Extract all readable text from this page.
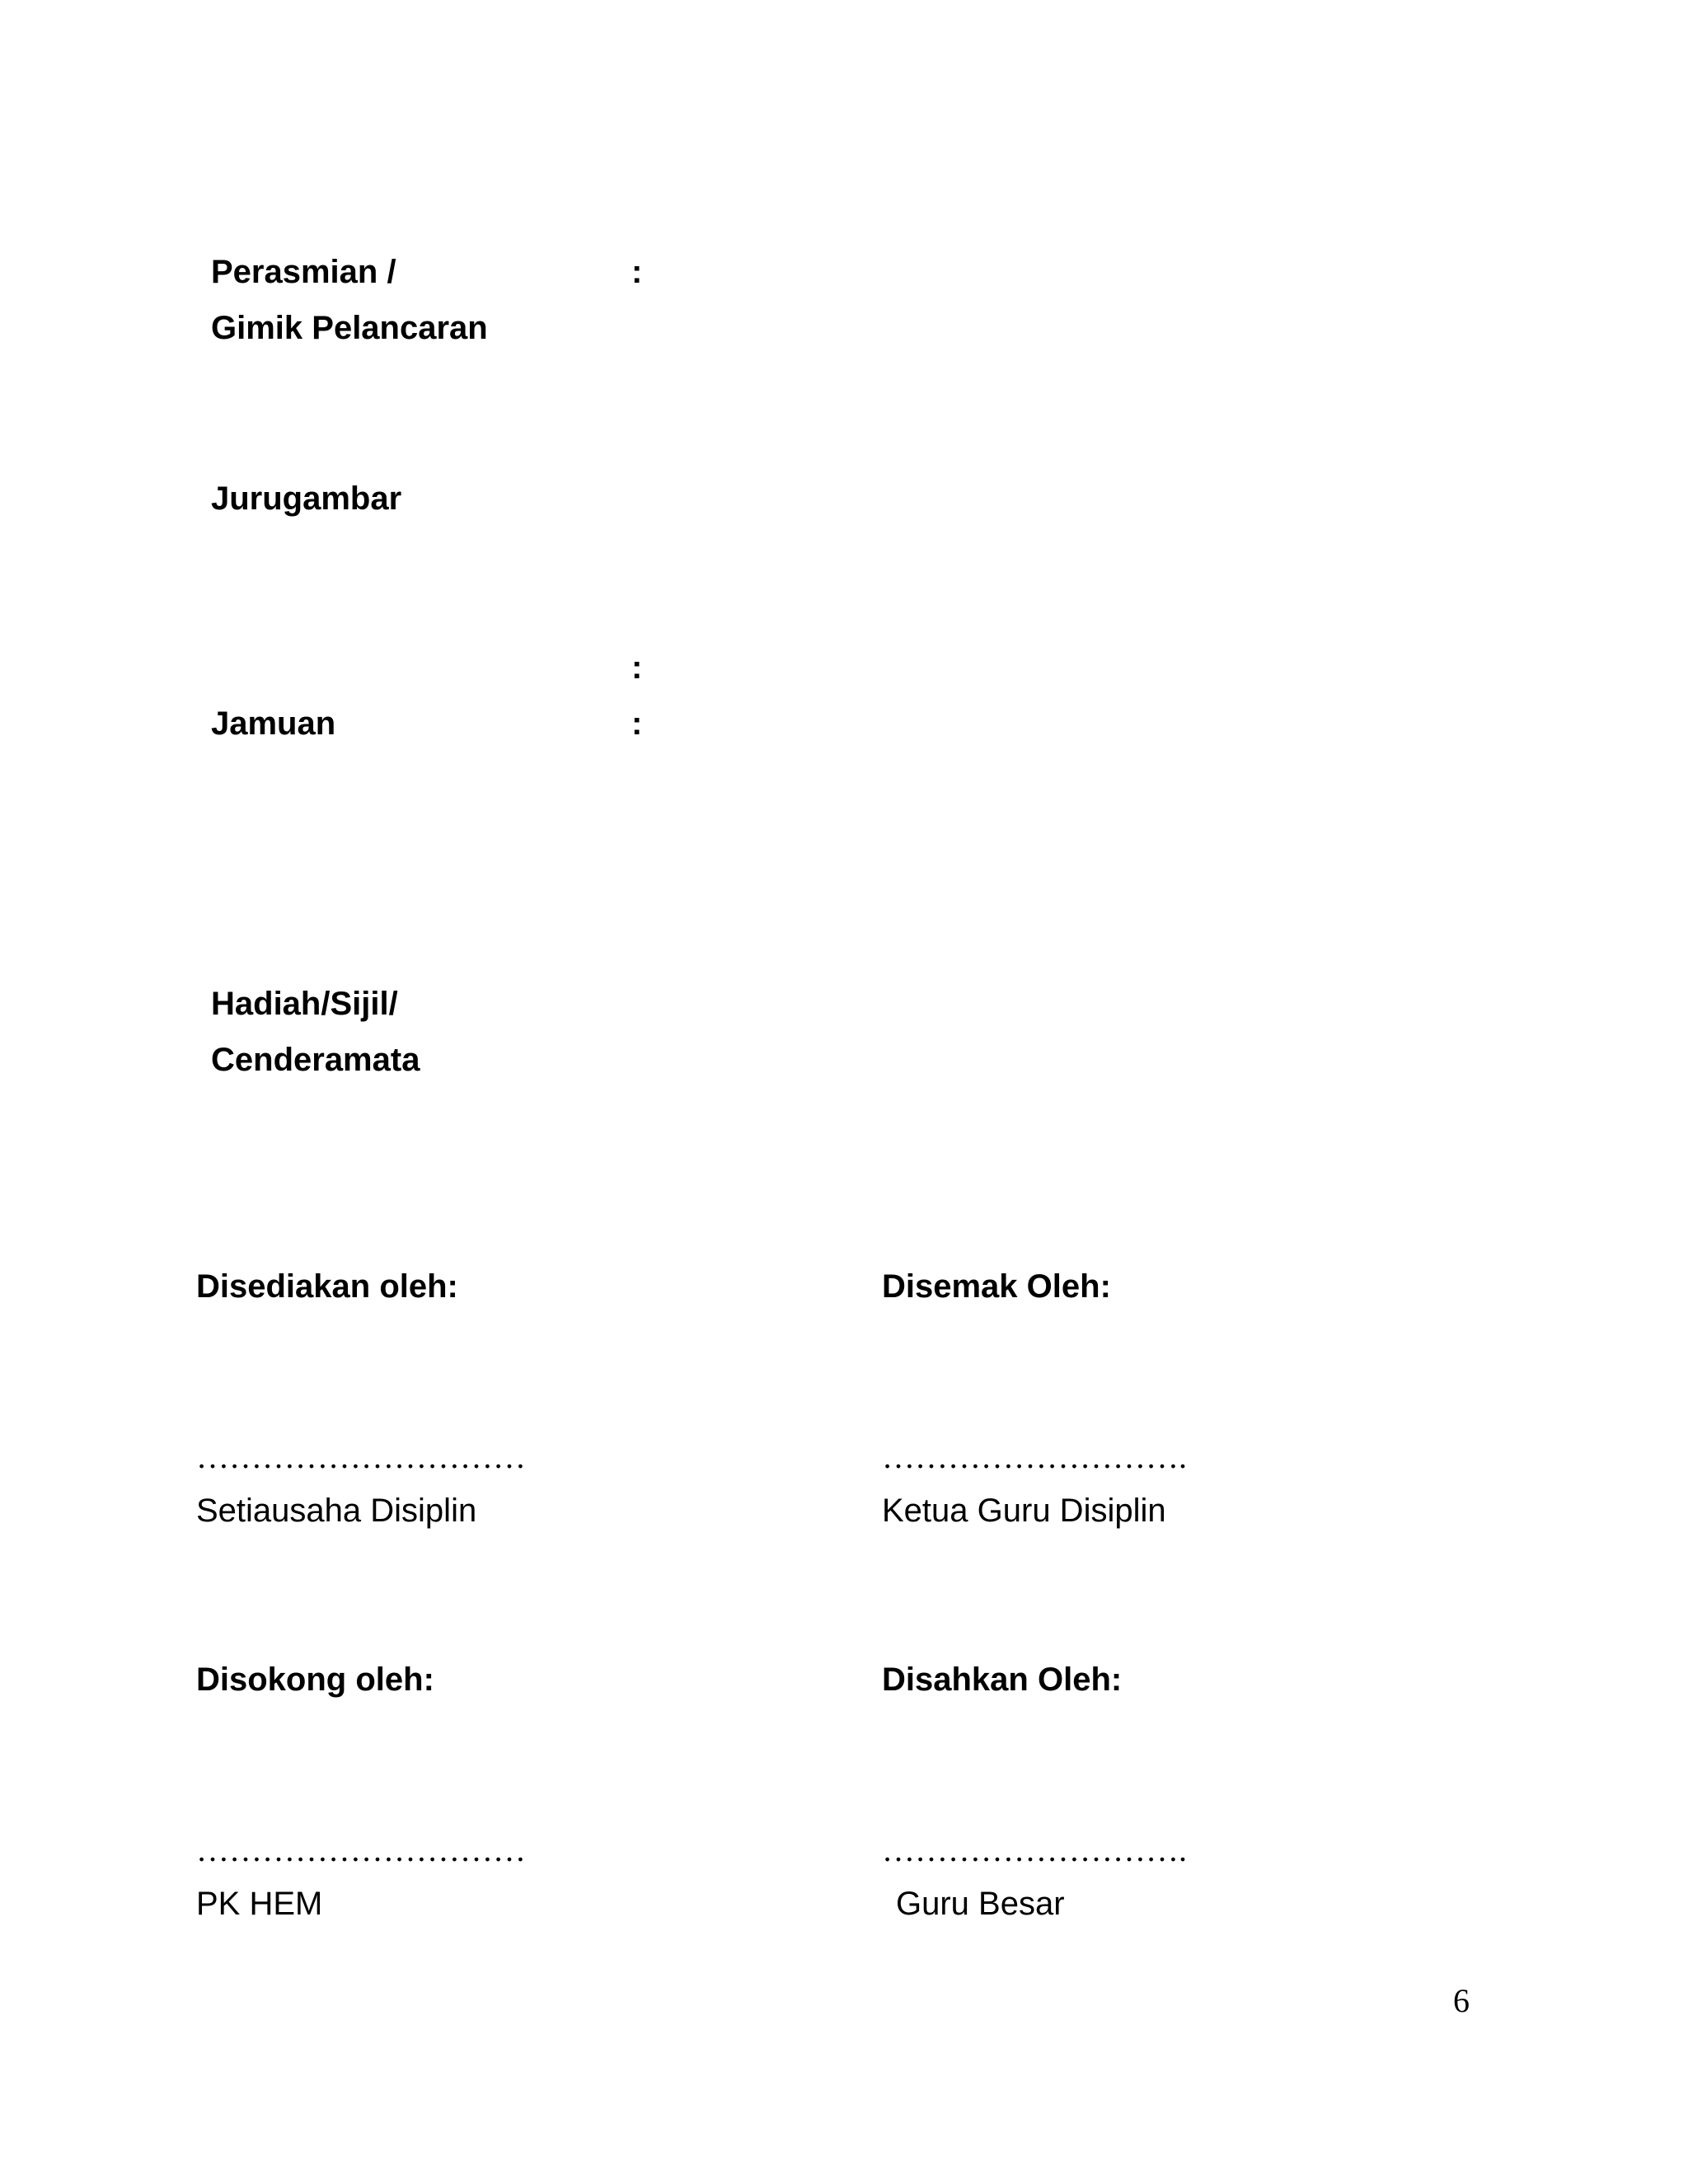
Perasmian /
Gimik Pelancaran
:
Jurugambar
:
Jamuan	:
Hadiah/Sijil/
Cenderamata
Disediakan oleh:
…………………………
Setiausaha Disiplin
Disemak Oleh:
……………………….
Ketua Guru Disiplin
Disokong oleh:
…………………………
PK HEM
Disahkan Oleh:
……………………….
Guru Besar
6
